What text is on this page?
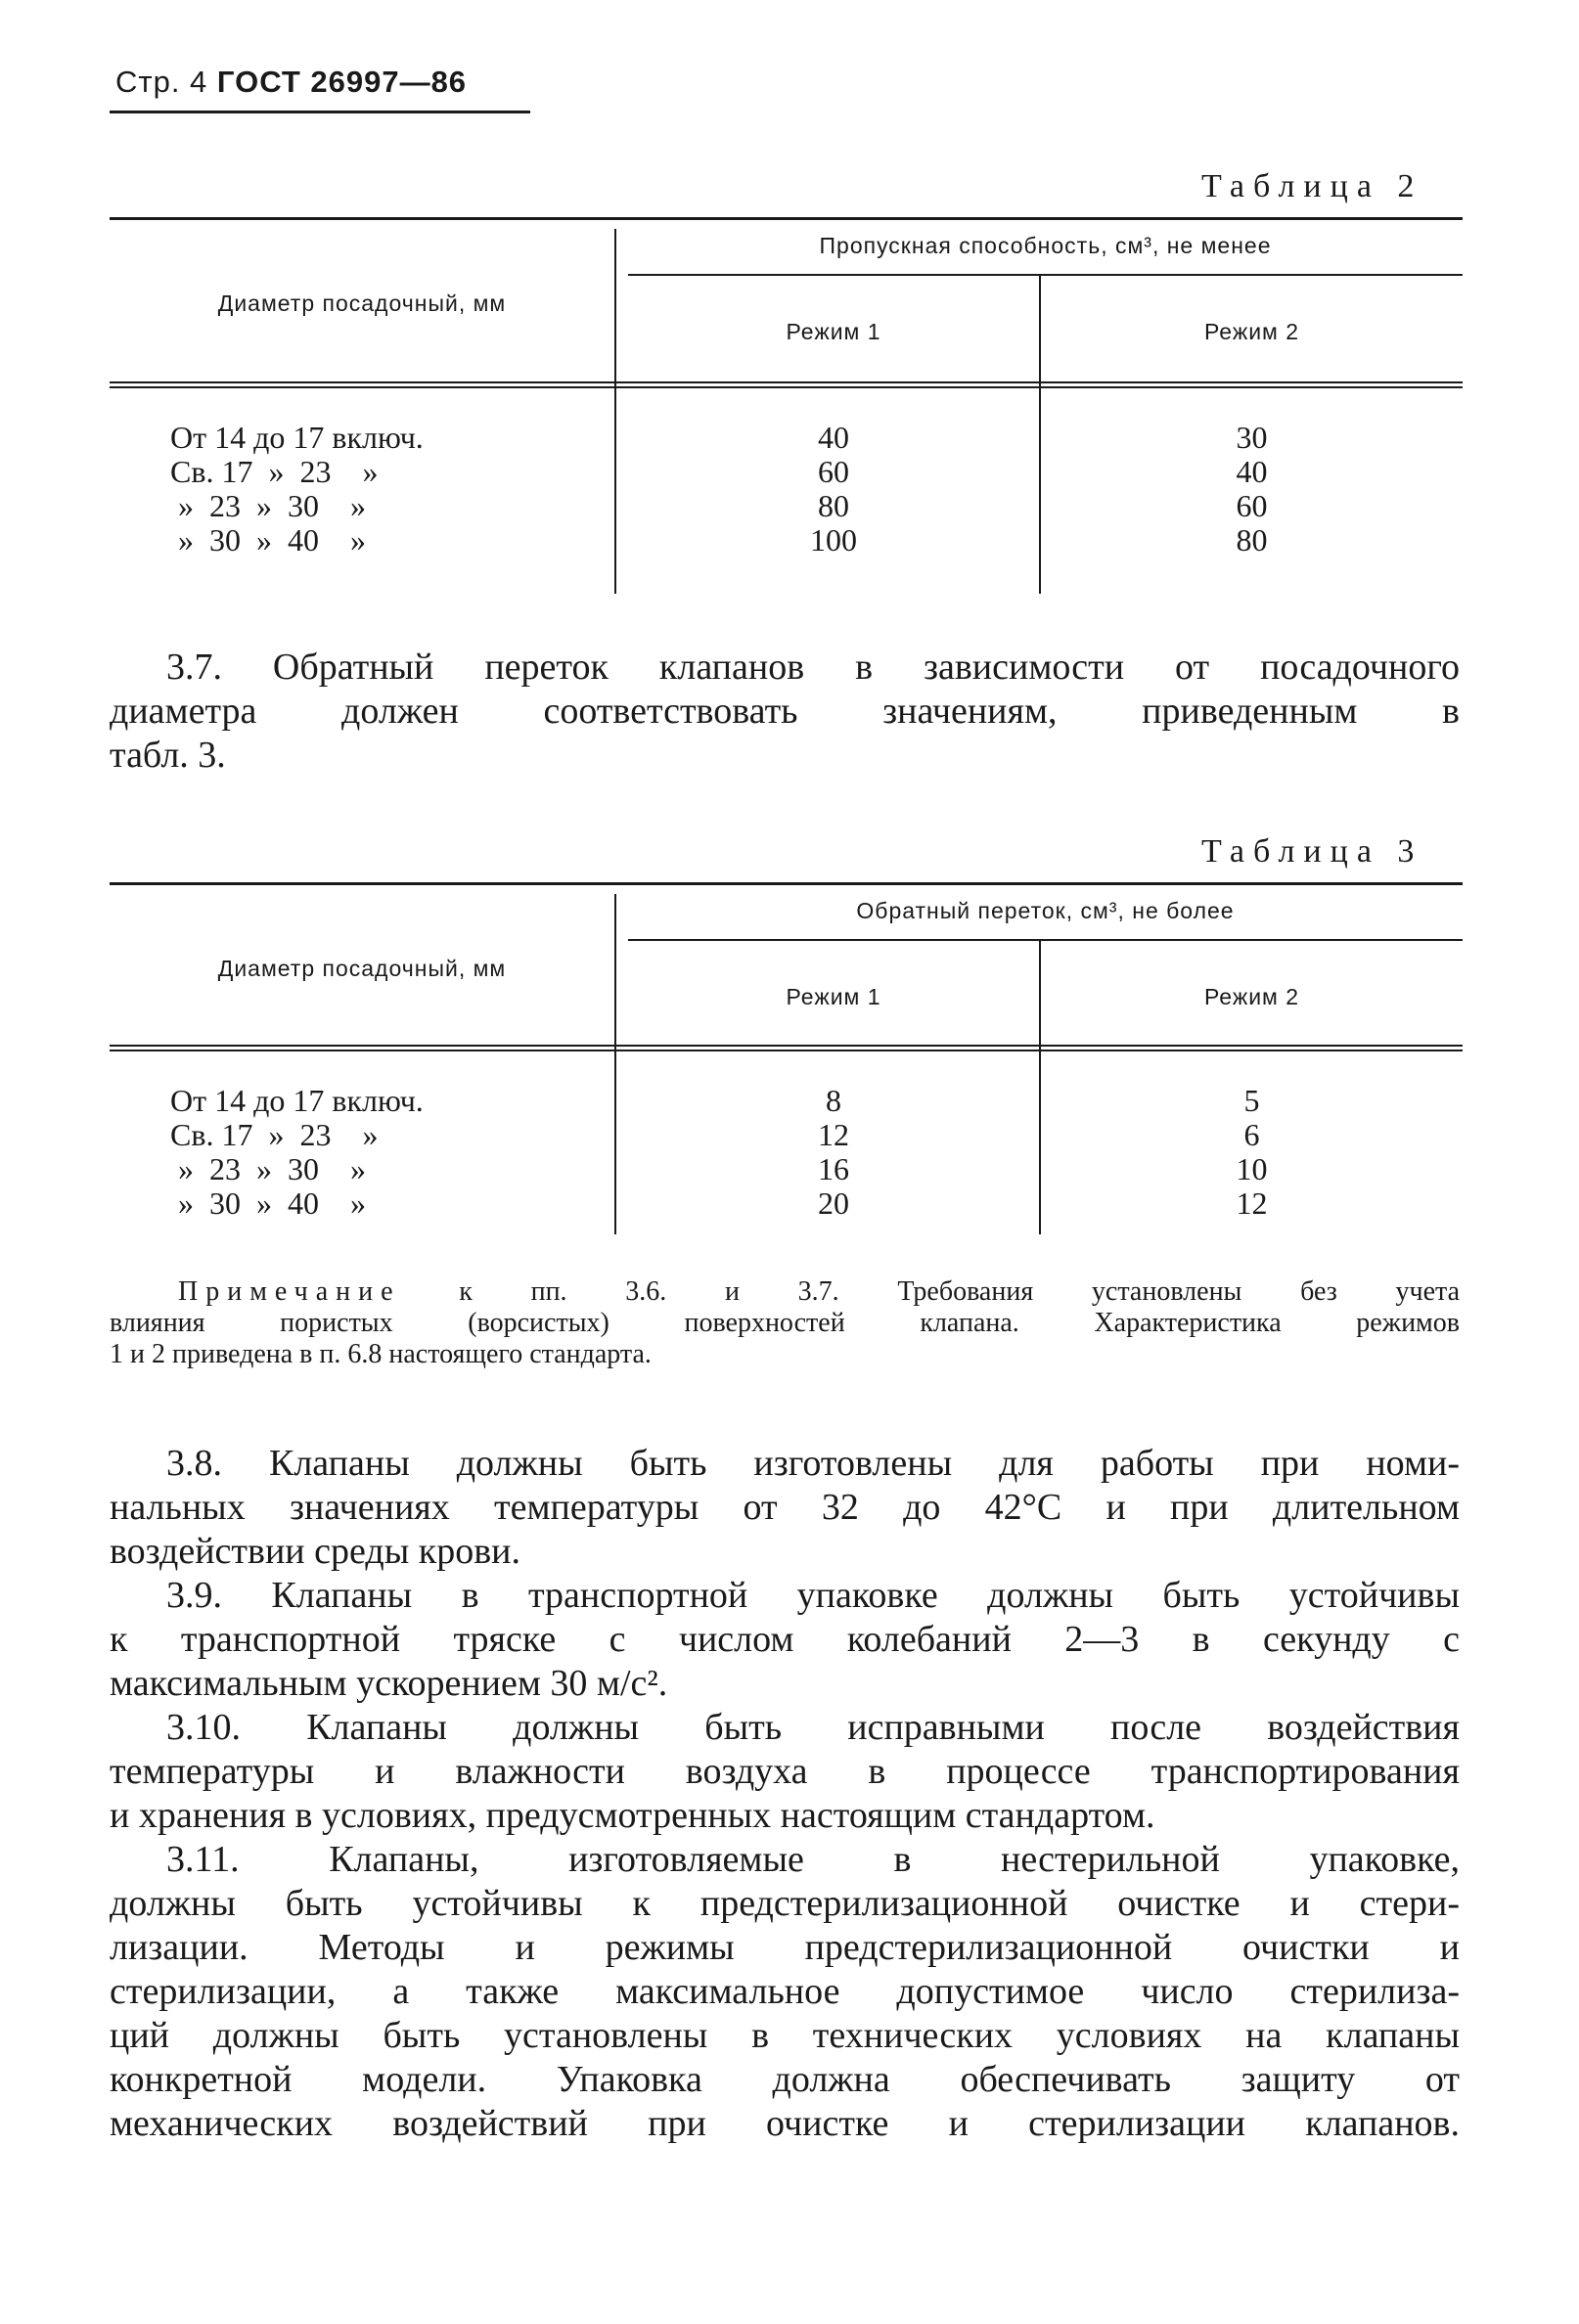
Стр. 4 ГОСТ 26997—86
Таблица 2
Диаметр посадочный, мм
Пропускная способность, см³, не менее
Режим 1	Режим 2
От 14 до 17 включ.
Св. 17  »  23    »
»  23  »  30    »
»  30  »  40    »
40
60
80
100
30
40
60
80
3.7. Обратный переток клапанов в зависимости от посадочного
диаметра должен соответствовать значениям, приведенным в
табл. 3.
Таблица 3
Диаметр посадочный, мм
Обратный переток, см³, не более
Режим 1	Режим 2
От 14 до 17 включ.
Св. 17  »  23    »
»  23  »  30    »
»  30  »  40    »
8
12
16
20
5
6
10
12
Примечание к пп. 3.6. и 3.7. Требования установлены без учета
влияния пористых (ворсистых) поверхностей клапана. Характеристика режимов
1 и 2 приведена в п. 6.8 настоящего стандарта.
3.8. Клапаны должны быть изготовлены для работы при номи-
нальных значениях температуры от 32 до 42°С и при длительном
воздействии среды крови.
3.9. Клапаны в транспортной упаковке должны быть устойчивы
к транспортной тряске с числом колебаний 2—3 в секунду с
максимальным ускорением 30 м/с².
3.10. Клапаны должны быть исправными после воздействия
температуры и влажности воздуха в процессе транспортирования
и хранения в условиях, предусмотренных настоящим стандартом.
3.11. Клапаны, изготовляемые в нестерильной упаковке,
должны быть устойчивы к предстерилизационной очистке и стери-
лизации. Методы и режимы предстерилизационной очистки и
стерилизации, а также максимальное допустимое число стерилиза-
ций должны быть установлены в технических условиях на клапаны
конкретной модели. Упаковка должна обеспечивать защиту от
механических воздействий при очистке и стерилизации клапанов.
